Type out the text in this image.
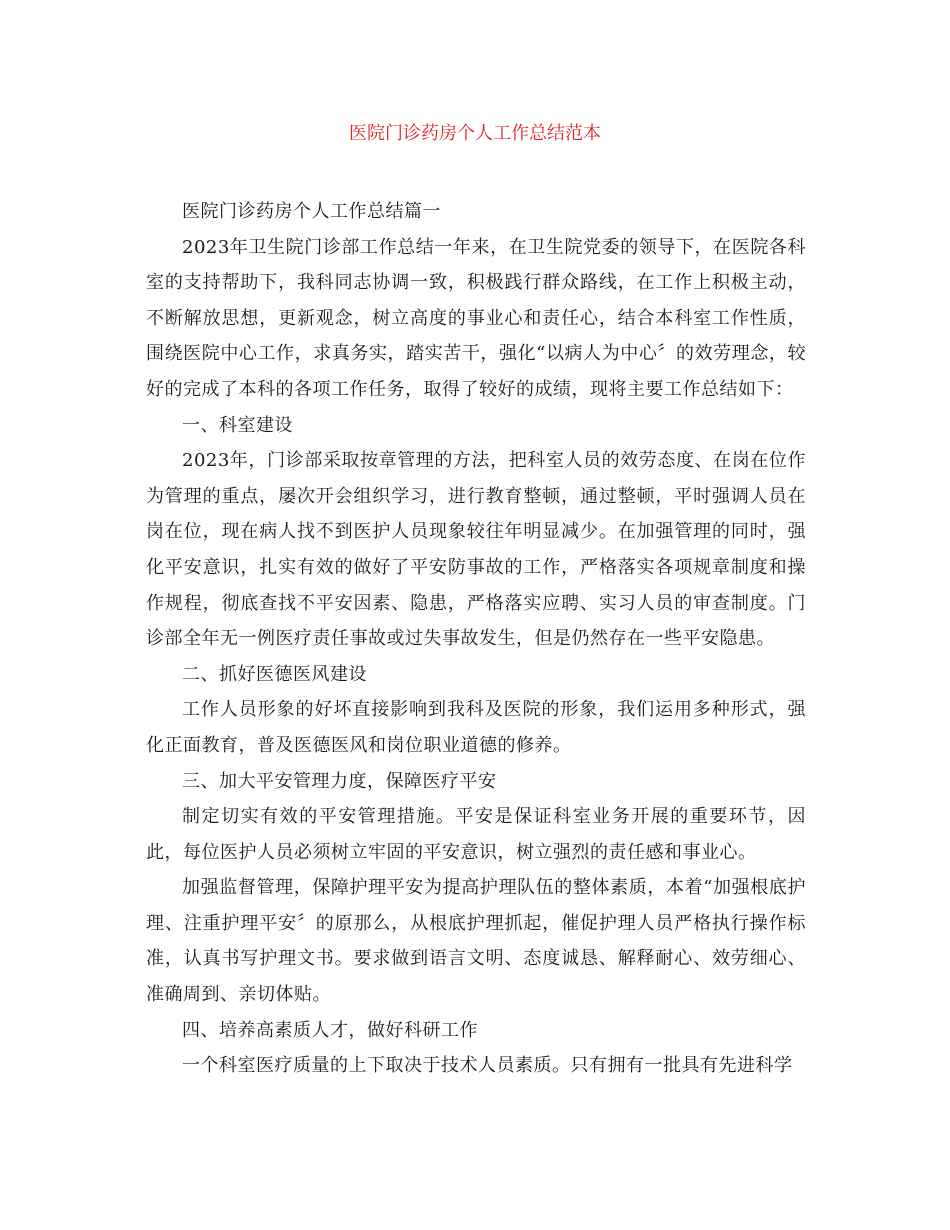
医院门诊药房个人工作总结范本

医院门诊药房个人工作总结篇一

2023年卫生院门诊部工作总结一年来，在卫生院党委的领导下，在医院各科室的支持帮助下，我科同志协调一致，积极践行群众路线，在工作上积极主动，不断解放思想，更新观念，树立高度的事业心和责任心，结合本科室工作性质，围绕医院中心工作，求真务实，踏实苦干，强化“以病人为中心〞的效劳理念，较好的完成了本科的各项工作任务，取得了较好的成绩，现将主要工作总结如下：

一、科室建设

2023年，门诊部采取按章管理的方法，把科室人员的效劳态度、在岗在位作为管理的重点，屡次开会组织学习，进行教育整顿，通过整顿，平时强调人员在岗在位，现在病人找不到医护人员现象较往年明显减少。在加强管理的同时，强化平安意识，扎实有效的做好了平安防事故的工作，严格落实各项规章制度和操作规程，彻底查找不平安因素、隐患，严格落实应聘、实习人员的审查制度。门诊部全年无一例医疗责任事故或过失事故发生，但是仍然存在一些平安隐患。

二、抓好医德医风建设

工作人员形象的好坏直接影响到我科及医院的形象，我们运用多种形式，强化正面教育，普及医德医风和岗位职业道德的修养。

三、加大平安管理力度，保障医疗平安

制定切实有效的平安管理措施。平安是保证科室业务开展的重要环节，因此，每位医护人员必须树立牢固的平安意识，树立强烈的责任感和事业心。

加强监督管理，保障护理平安为提高护理队伍的整体素质，本着“加强根底护理、注重护理平安〞的原那么，从根底护理抓起，催促护理人员严格执行操作标准，认真书写护理文书。要求做到语言文明、态度诚恳、解释耐心、效劳细心、准确周到、亲切体贴。

四、培养高素质人才，做好科研工作

一个科室医疗质量的上下取决于技术人员素质。只有拥有一批具有先进科学
